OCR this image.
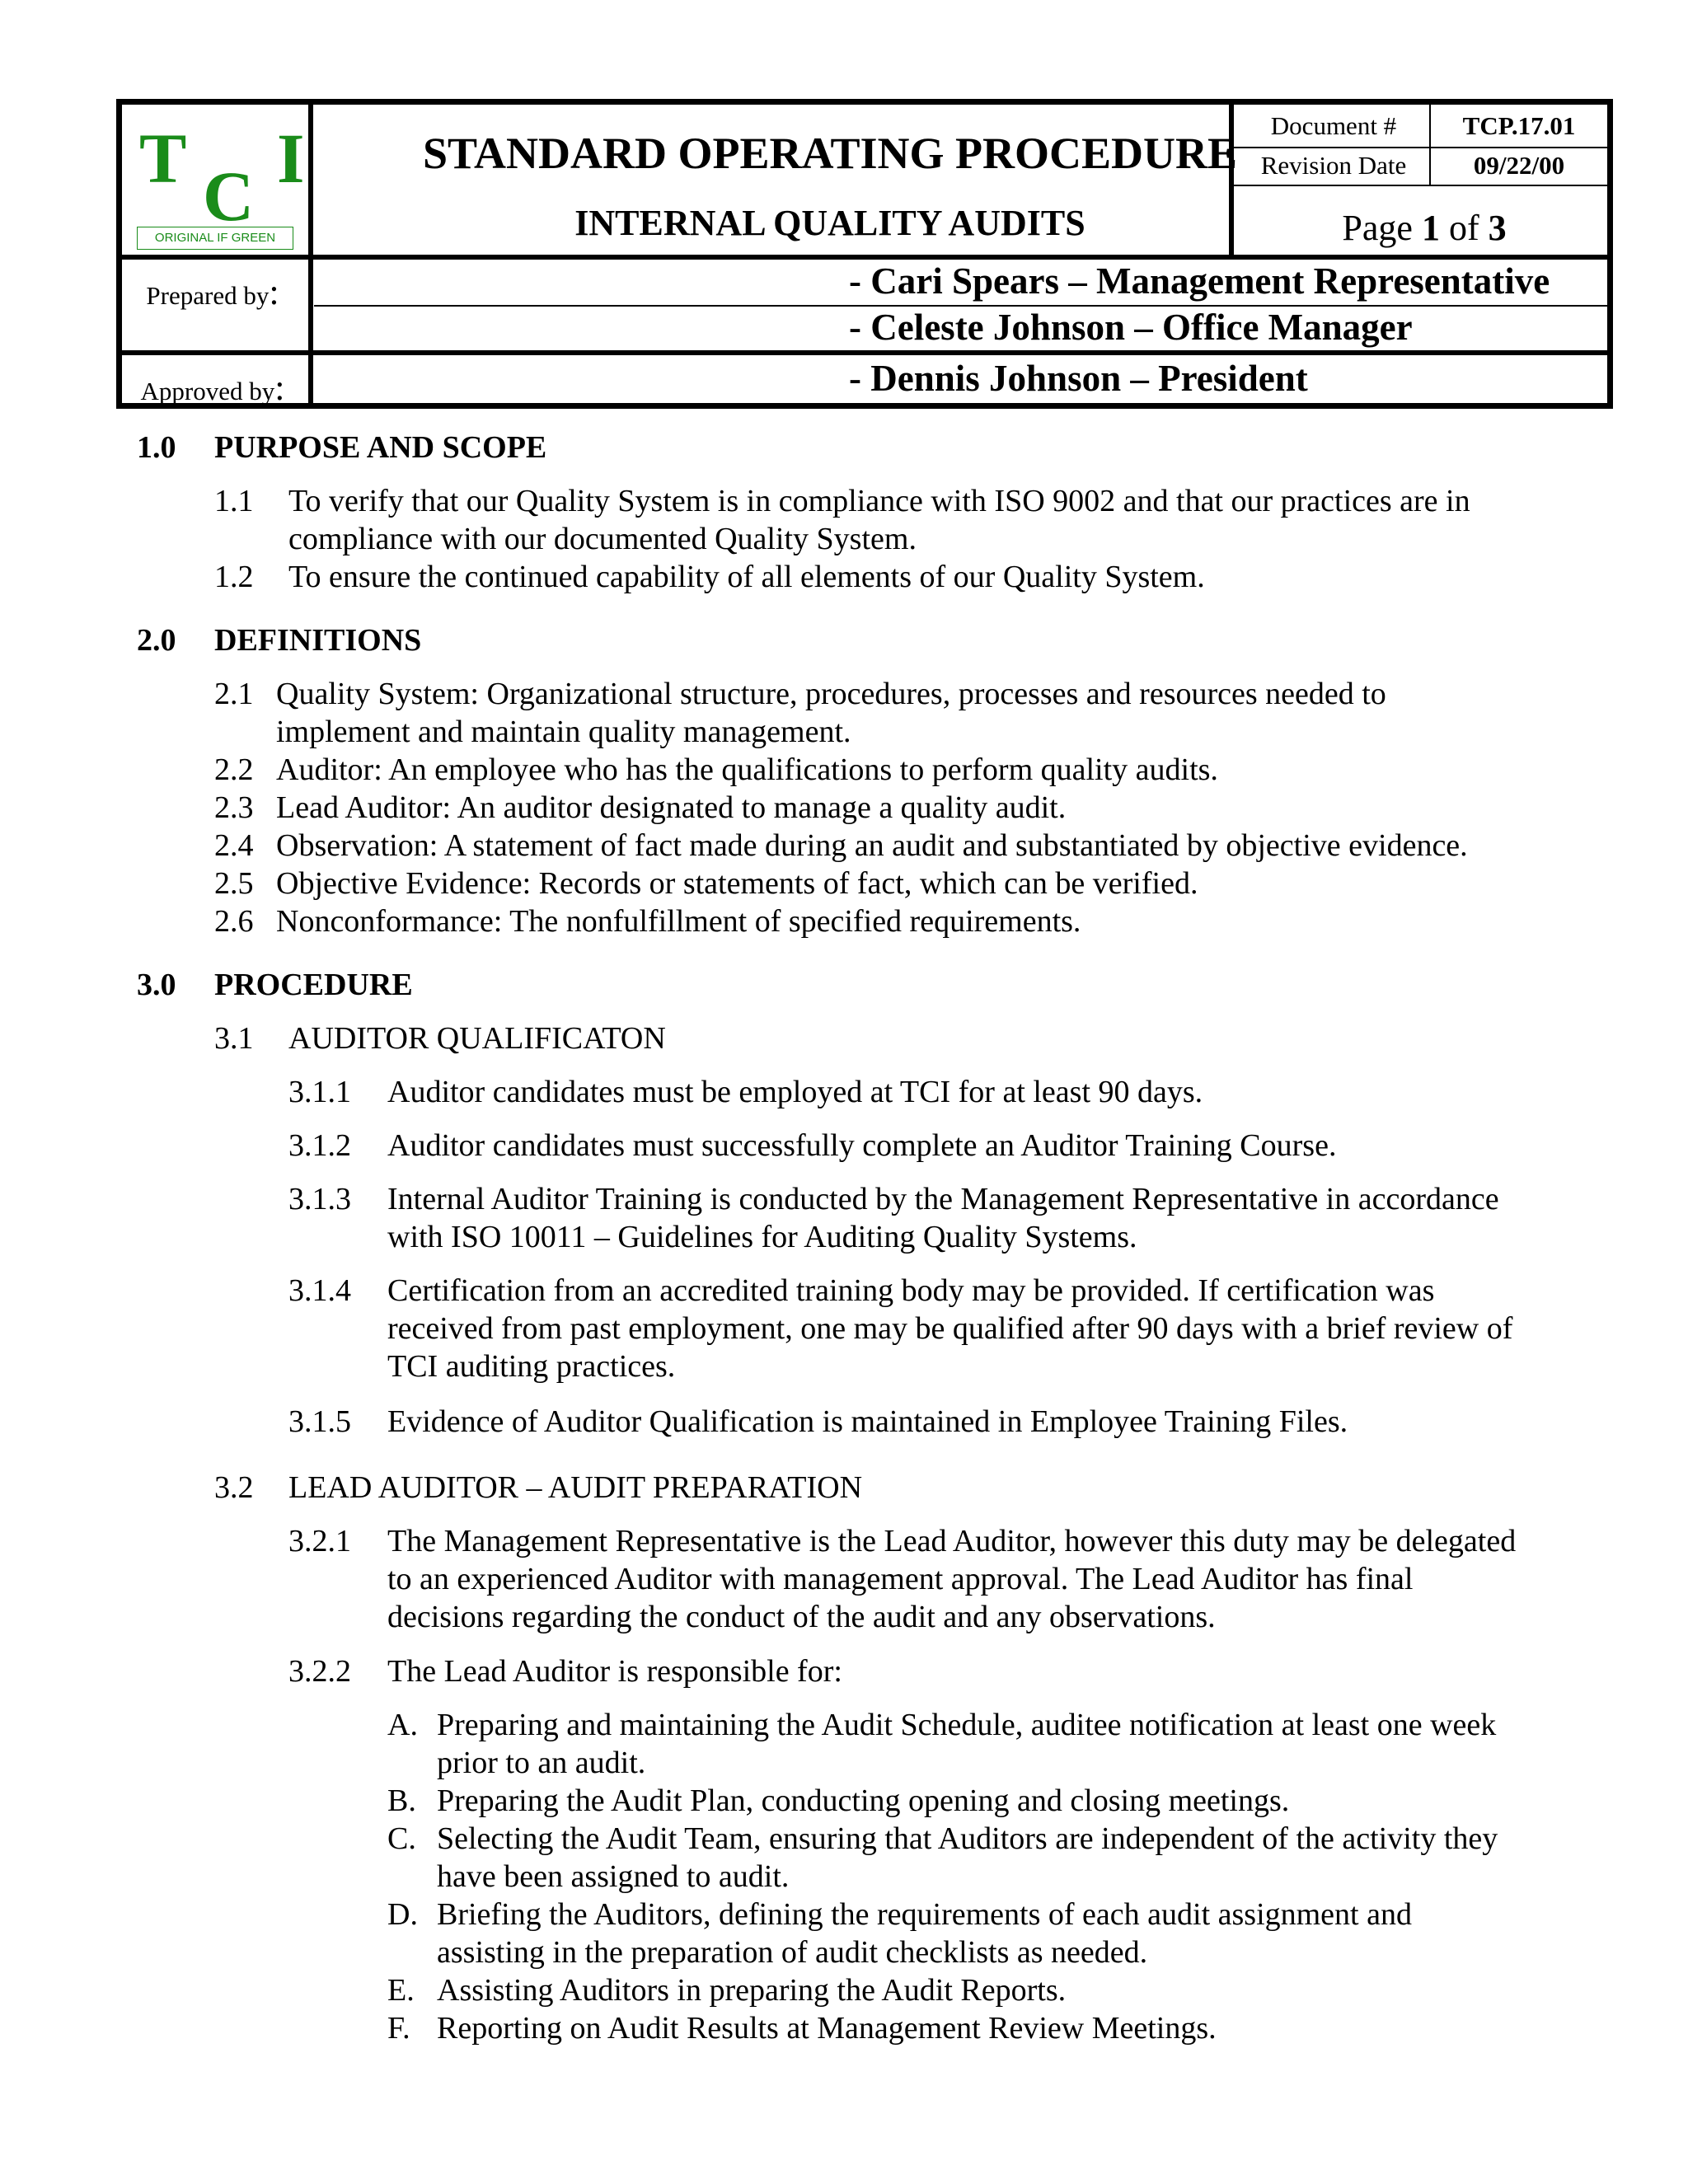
T C I
ORIGINAL IF GREEN
STANDARD OPERATING PROCEDURE
INTERNAL QUALITY AUDITS
Document #	TCP.17.01
Revision Date	09/22/00
Page 1 of 3
Prepared by:
Approved by:
- Cari Spears – Management Representative
- Celeste Johnson – Office Manager
- Dennis Johnson – President
1.0 PURPOSE AND SCOPE
1.1 To verify that our Quality System is in compliance with ISO 9002 and that our practices are in
compliance with our documented Quality System.
1.2 To ensure the continued capability of all elements of our Quality System.
2.0 DEFINITIONS
2.1 Quality System: Organizational structure, procedures, processes and resources needed to
implement and maintain quality management.
2.2 Auditor: An employee who has the qualifications to perform quality audits.
2.3 Lead Auditor: An auditor designated to manage a quality audit.
2.4 Observation: A statement of fact made during an audit and substantiated by objective evidence.
2.5 Objective Evidence: Records or statements of fact, which can be verified.
2.6 Nonconformance: The nonfulfillment of specified requirements.
3.0 PROCEDURE
3.1 AUDITOR QUALIFICATON
3.1.1 Auditor candidates must be employed at TCI for at least 90 days.
3.1.2 Auditor candidates must successfully complete an Auditor Training Course.
3.1.3 Internal Auditor Training is conducted by the Management Representative in accordance
with ISO 10011 – Guidelines for Auditing Quality Systems.
3.1.4 Certification from an accredited training body may be provided. If certification was
received from past employment, one may be qualified after 90 days with a brief review of
TCI auditing practices.
3.1.5 Evidence of Auditor Qualification is maintained in Employee Training Files.
3.2 LEAD AUDITOR – AUDIT PREPARATION
3.2.1 The Management Representative is the Lead Auditor, however this duty may be delegated
to an experienced Auditor with management approval. The Lead Auditor has final
decisions regarding the conduct of the audit and any observations.
3.2.2 The Lead Auditor is responsible for:
A. Preparing and maintaining the Audit Schedule, auditee notification at least one week
prior to an audit.
B. Preparing the Audit Plan, conducting opening and closing meetings.
C. Selecting the Audit Team, ensuring that Auditors are independent of the activity they
have been assigned to audit.
D. Briefing the Auditors, defining the requirements of each audit assignment and
assisting in the preparation of audit checklists as needed.
E. Assisting Auditors in preparing the Audit Reports.
F. Reporting on Audit Results at Management Review Meetings.
